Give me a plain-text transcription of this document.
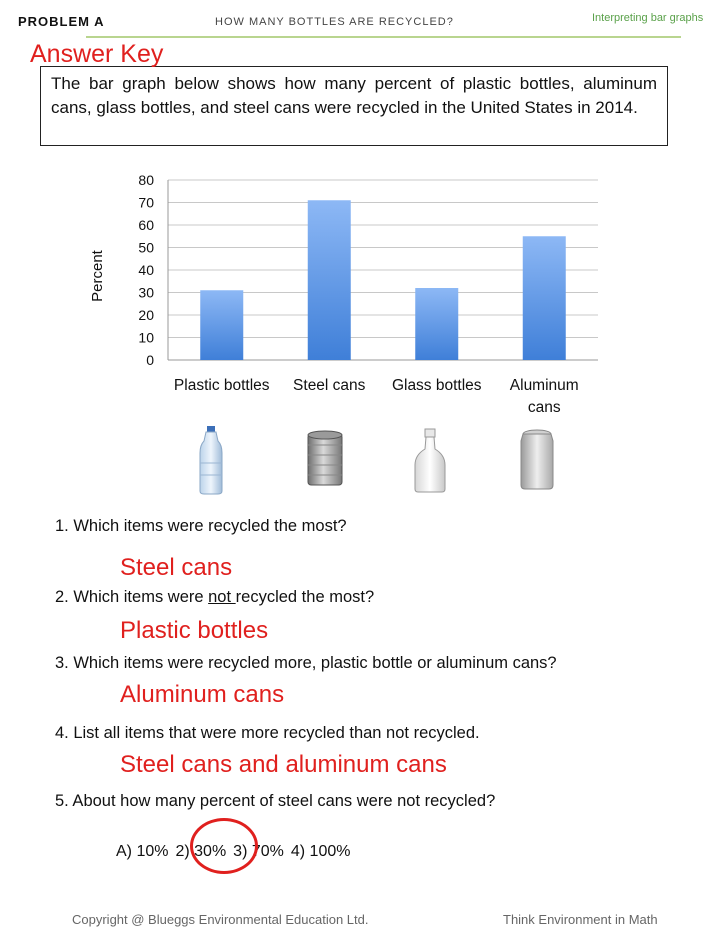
PROBLEM A	HOW MANY BOTTLES ARE RECYCLED?	Interpreting bar graphs
Answer Key
The bar graph below shows how many percent of plastic bottles, aluminum cans, glass bottles, and steel cans were recycled in the United States in 2014.
0
10
20
30
40
50
60
70
80
Plastic bottles Steel cans Glass bottles Aluminum cans
Percent
1. Which items were recycled the most?
Steel cans
2. Which items were not recycled the most?
Plastic bottles
3. Which items were recycled more, plastic bottle or aluminum cans?
Aluminum cans
4. List all items that were more recycled than not recycled.
Steel cans and aluminum cans
5. About how many percent of steel cans were not recycled?
A) 10% 2) 30% 3) 70% 4) 100%
Copyright @ Blueggs Environmental Education Ltd.	Think Environment in Math
